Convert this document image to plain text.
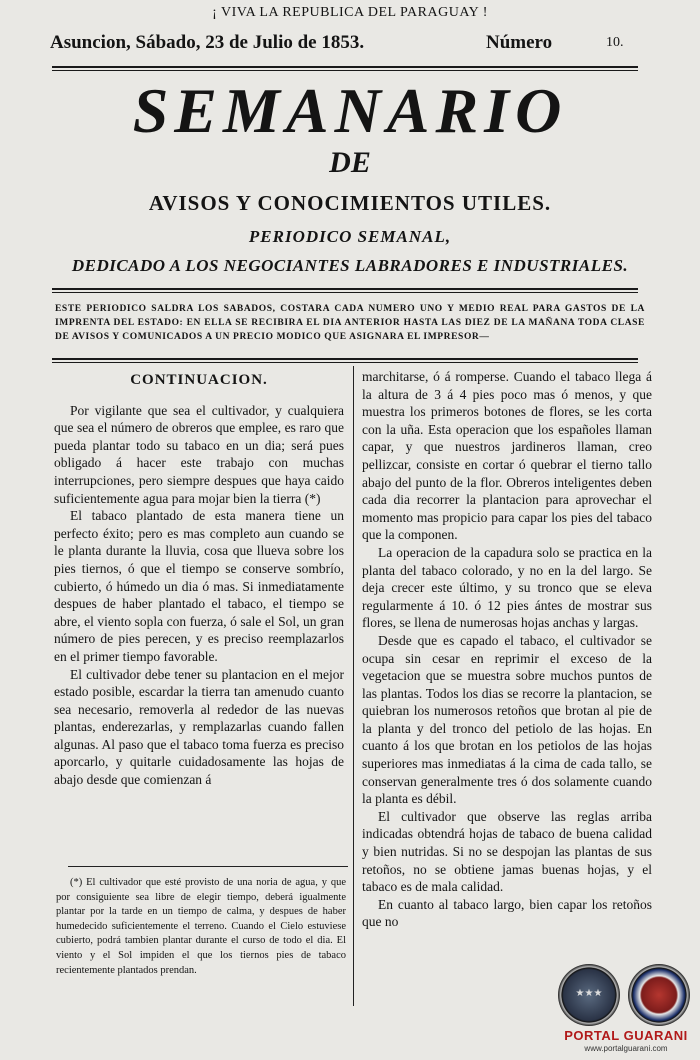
¡ VIVA LA REPUBLICA DEL PARAGUAY !
Asuncion, Sábado, 23 de Julio de 1853.	Número	10.
SEMANARIO
DE
AVISOS Y CONOCIMIENTOS UTILES.
PERIODICO SEMANAL,
DEDICADO A LOS NEGOCIANTES LABRADORES E INDUSTRIALES.
ESTE PERIODICO SALDRA LOS SABADOS, COSTARA CADA NUMERO UNO Y MEDIO REAL PARA GASTOS DE LA IMPRENTA DEL ESTADO: EN ELLA SE RECIBIRA EL DIA ANTERIOR HASTA LAS DIEZ DE LA MAÑANA TODA CLASE DE AVISOS Y COMUNICADOS A UN PRECIO MODICO QUE ASIGNARA EL IMPRESOR—
CONTINUACION.

Por vigilante que sea el cultivador, y cualquiera que sea el número de obreros que emplee, es raro que pueda plantar todo su tabaco en un dia; será pues obligado á hacer este trabajo con muchas interrupciones, pero siempre despues que haya caido suficientemente agua para mojar bien la tierra (*)

El tabaco plantado de esta manera tiene un perfecto éxito; pero es mas completo aun cuando se le planta durante la lluvia, cosa que llueva sobre los pies tiernos, ó que el tiempo se conserve sombrío, cubierto, ó húmedo un dia ó mas. Si inmediatamente despues de haber plantado el tabaco, el tiempo se abre, el viento sopla con fuerza, ó sale el Sol, un gran número de pies perecen, y es preciso reemplazarlos en el primer tiempo favorable.

El cultivador debe tener su plantacion en el mejor estado posible, escardar la tierra tan amenudo cuanto sea necesario, removerla al rededor de las nuevas plantas, enderezarlas, y remplazarlas cuando fallen algunas. Al paso que el tabaco toma fuerza es preciso aporcarlo, y quitarle cuidadosamente las hojas de abajo desde que comienzan á

(*) El cultivador que esté provisto de una noria de agua, y que por consiguiente sea libre de elegir tiempo, deberá igualmente plantar por la tarde en un tiempo de calma, y despues de haber humedecido suficientemente el terreno. Cuando el Cielo estuviese cubierto, podrá tambien plantar durante el curso de todo el dia. El viento y el Sol impiden el que los tiernos pies de tabaco recientemente plantados prendan.

marchitarse, ó á romperse. Cuando el tabaco llega á la altura de 3 á 4 pies poco mas ó menos, y que muestra los primeros botones de flores, se les corta con la uña. Esta operacion que los españoles llaman capar, y que nuestros jardineros llaman, creo pellizcar, consiste en cortar ó quebrar el tierno tallo abajo del punto de la flor. Obreros inteligentes deben cada dia recorrer la plantacion para aprovechar el momento mas propicio para capar los pies del tabaco que la componen.

La operacion de la capadura solo se practica en la planta del tabaco colorado, y no en la del largo. Se deja crecer este último, y su tronco que se eleva regularmente á 10. ó 12 pies ántes de mostrar sus flores, se llena de numerosas hojas anchas y largas.

Desde que es capado el tabaco, el cultivador se ocupa sin cesar en reprimir el exceso de la vegetacion que se muestra sobre muchos puntos de las plantas. Todos los dias se recorre la plantacion, se quiebran los numerosos retoños que brotan al pie de la planta y del tronco del petiolo de las hojas. En cuanto á los que brotan en los petiolos de las hojas superiores mas inmediatas á la cima de cada tallo, se conservan generalmente tres ó dos solamente cuando la planta es débil.

El cultivador que observe las reglas arriba indicadas obtendrá hojas de tabaco de buena calidad y bien nutridas. Si no se despojan las plantas de sus retoños, no se obtiene jamas buenas hojas, y el tabaco es de mala calidad.

En cuanto al tabaco largo, bien capar los retoños que no

★★★
PORTAL GUARANI
www.portalguarani.com
